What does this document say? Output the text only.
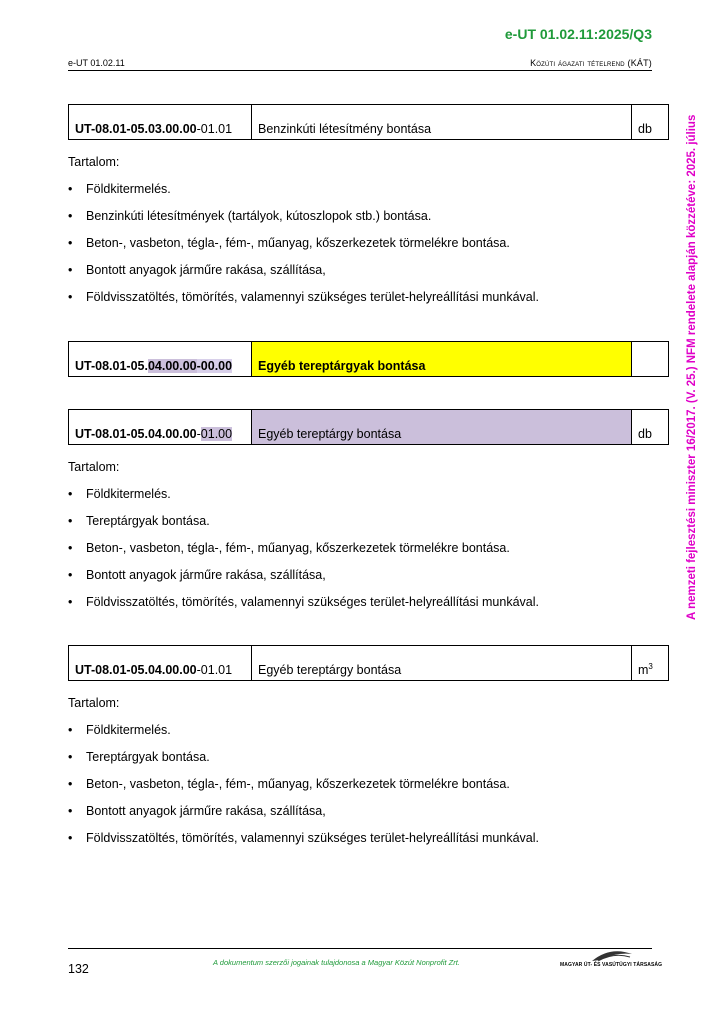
e-UT 01.02.11:2025/Q3
e-UT 01.02.11	Közúti ágazati tételrend (KÁT)
A nemzeti fejlesztési miniszter 16/2017. (V. 25.) NFM rendelete alapján közzétéve: 2025. július
UT-08.01-05.03.00.00-01.01	Benzinkúti létesítmény bontása	db
Tartalom:
• Földkitermelés.
• Benzinkúti létesítmények (tartályok, kútoszlopok stb.) bontása.
• Beton-, vasbeton, tégla-, fém-, műanyag, kőszerkezetek törmelékre bontása.
• Bontott anyagok járműre rakása, szállítása,
• Földvisszatöltés, tömörítés, valamennyi szükséges terület-helyreállítási munkával.
UT-08.01-05.04.00.00-00.00	Egyéb tereptárgyak bontása	
UT-08.01-05.04.00.00-01.00	Egyéb tereptárgy bontása	db
Tartalom:
• Földkitermelés.
• Tereptárgyak bontása.
• Beton-, vasbeton, tégla-, fém-, műanyag, kőszerkezetek törmelékre bontása.
• Bontott anyagok járműre rakása, szállítása,
• Földvisszatöltés, tömörítés, valamennyi szükséges terület-helyreállítási munkával.
UT-08.01-05.04.00.00-01.01	Egyéb tereptárgy bontása	$m^3$
Tartalom:
• Földkitermelés.
• Tereptárgyak bontása.
• Beton-, vasbeton, tégla-, fém-, műanyag, kőszerkezetek törmelékre bontása.
• Bontott anyagok járműre rakása, szállítása,
• Földvisszatöltés, tömörítés, valamennyi szükséges terület-helyreállítási munkával.
132	A dokumentum szerzői jogainak tulajdonosa a Magyar Közút Nonprofit Zrt.	MAGYAR ÚT- ÉS VASÚTÜGYI TÁRSASÁG
